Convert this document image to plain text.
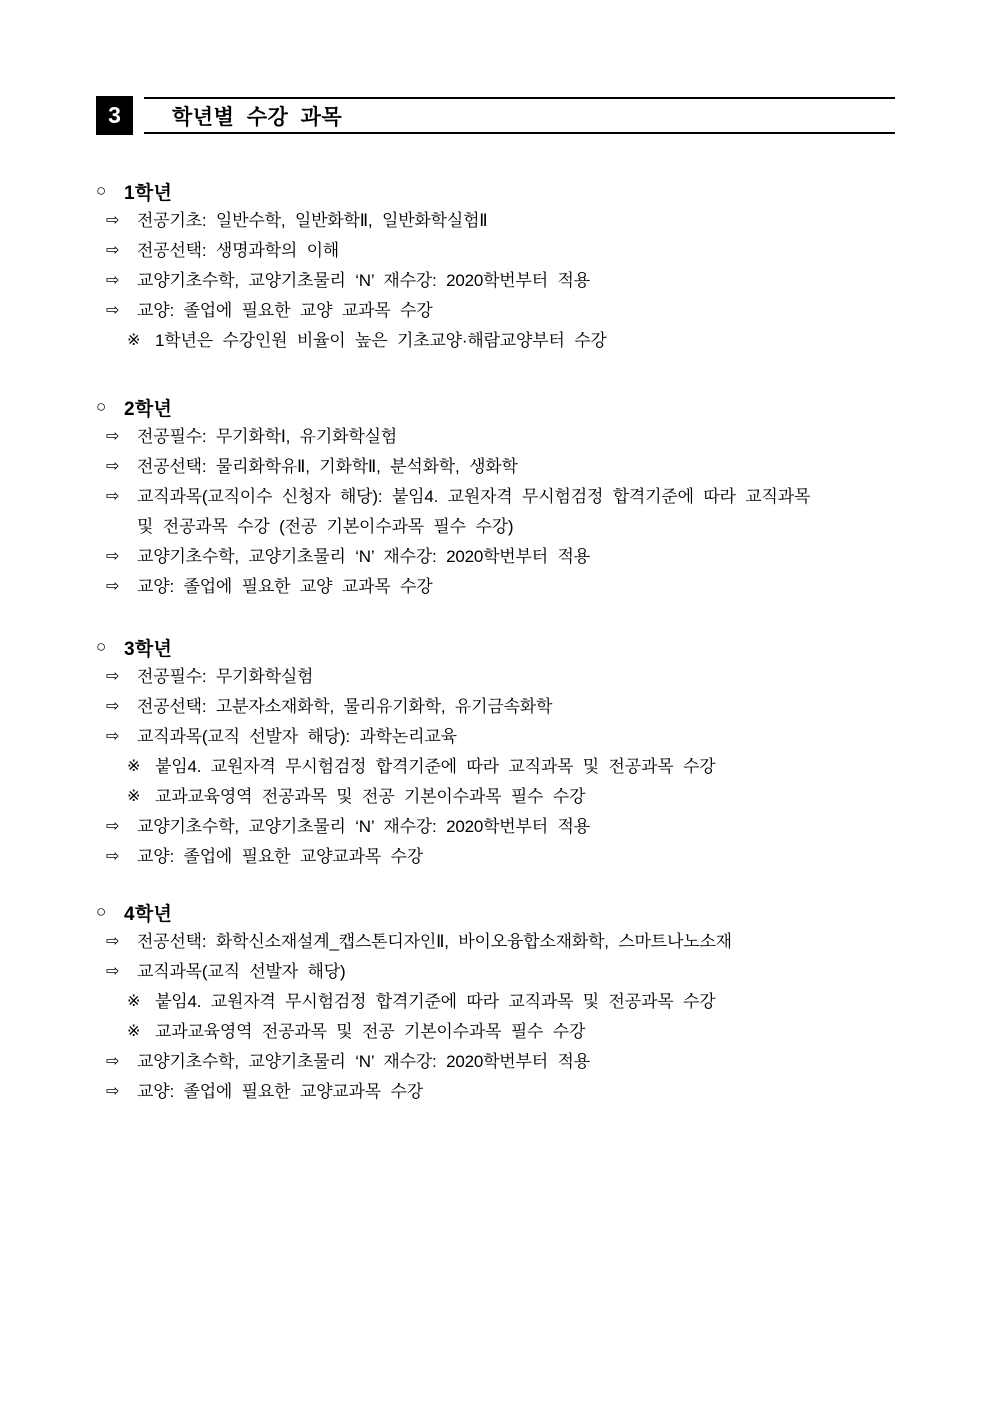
3 학년별 수강 과목
○ 1학년
⇨	전공기초: 일반수학, 일반화학Ⅱ, 일반화학실험Ⅱ
⇨	전공선택: 생명과학의 이해
⇨	교양기초수학, 교양기초물리 ‘N’ 재수강: 2020학번부터 적용
⇨	교양: 졸업에 필요한 교양 교과목 수강
※ 1학년은 수강인원 비율이 높은 기초교양·해람교양부터 수강
○ 2학년
⇨	전공필수: 무기화학Ⅰ, 유기화학실험
⇨	전공선택: 물리화학유Ⅱ, 기화학Ⅱ, 분석화학, 생화학
⇨	교직과목(교직이수 신청자 해당): 붙임4. 교원자격 무시험검정 합격기준에 따라 교직과목
및 전공과목 수강 (전공 기본이수과목 필수 수강)
⇨	교양기초수학, 교양기초물리 ‘N’ 재수강: 2020학번부터 적용
⇨	교양: 졸업에 필요한 교양 교과목 수강
○ 3학년
⇨	전공필수: 무기화학실험
⇨	전공선택: 고분자소재화학, 물리유기화학, 유기금속화학
⇨	교직과목(교직 선발자 해당): 과학논리교육
※ 붙임4. 교원자격 무시험검정 합격기준에 따라 교직과목 및 전공과목 수강
※ 교과교육영역 전공과목 및 전공 기본이수과목 필수 수강
⇨	교양기초수학, 교양기초물리 ‘N’ 재수강: 2020학번부터 적용
⇨	교양: 졸업에 필요한 교양교과목 수강
○ 4학년
⇨	전공선택: 화학신소재설계_캡스톤디자인Ⅱ, 바이오융합소재화학, 스마트나노소재
⇨	교직과목(교직 선발자 해당)
※ 붙임4. 교원자격 무시험검정 합격기준에 따라 교직과목 및 전공과목 수강
※ 교과교육영역 전공과목 및 전공 기본이수과목 필수 수강
⇨	교양기초수학, 교양기초물리 ‘N’ 재수강: 2020학번부터 적용
⇨	교양: 졸업에 필요한 교양교과목 수강
